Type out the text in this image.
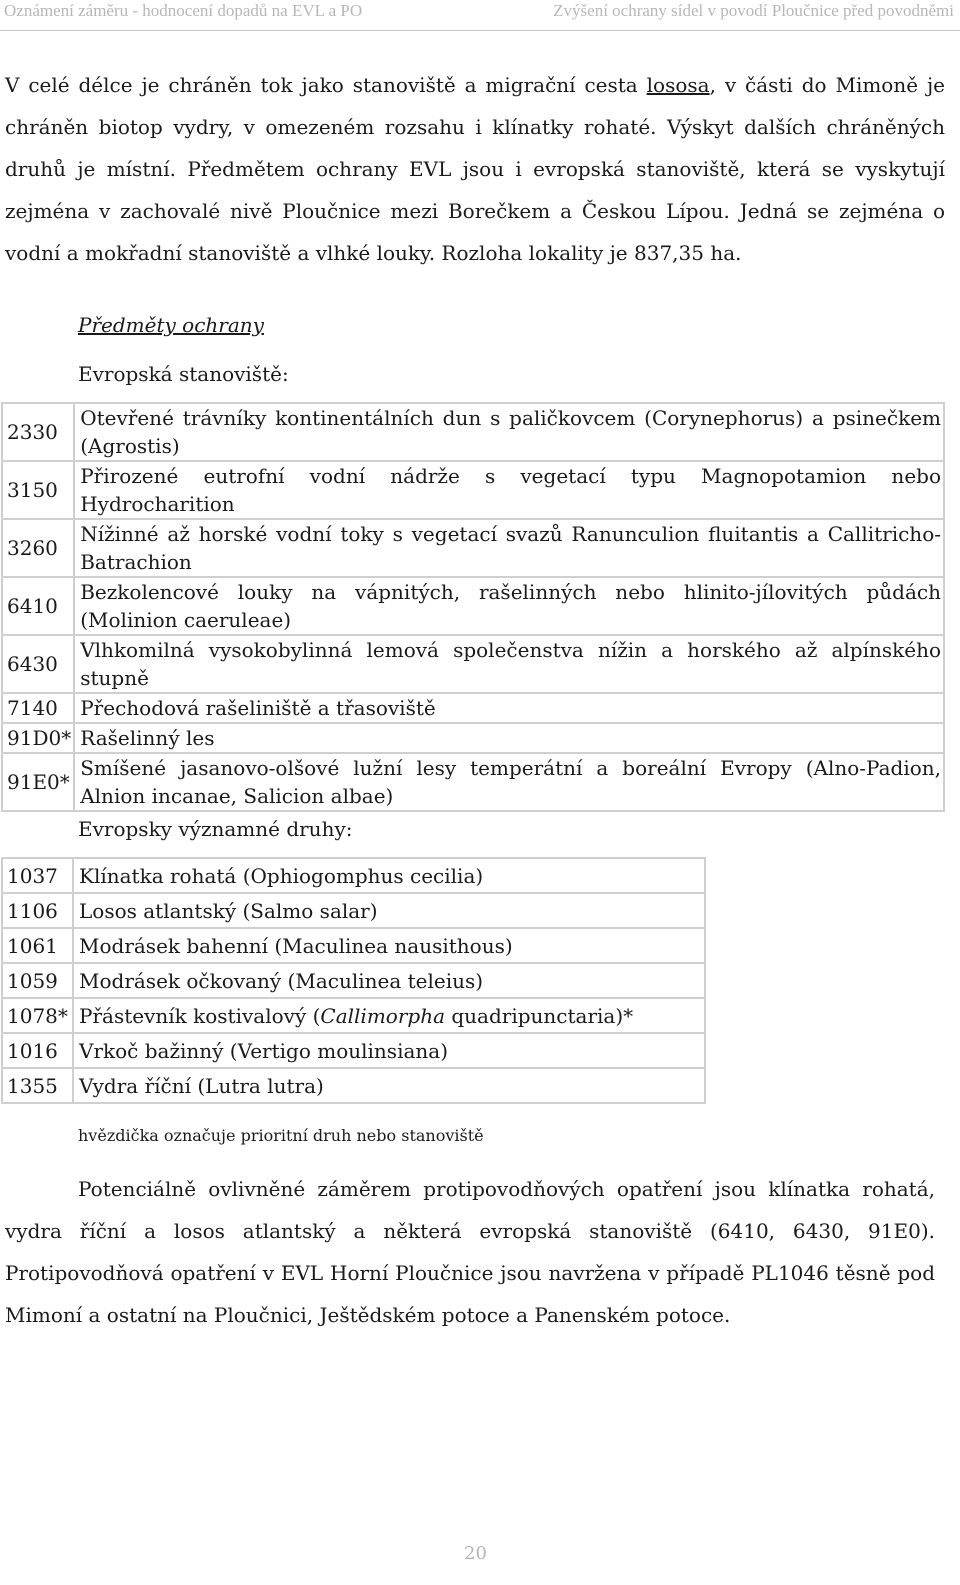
Oznámení záměru - hodnocení dopadů na EVL a PO	Zvýšení ochrany sídel v povodí Ploučnice před povodněmi

V celé délce je chráněn tok jako stanoviště a migrační cesta lososa, v části do Mimoně je chráněn biotop vydry, v omezeném rozsahu i klínatky rohaté. Výskyt dalších chráněných druhů je místní. Předmětem ochrany EVL jsou i evropská stanoviště, která se vyskytují zejména v zachovalé nivě Ploučnice mezi Borečkem a Českou Lípou. Jedná se zejména o vodní a mokřadní stanoviště a vlhké louky. Rozloha lokality je 837,35 ha.

Předměty ochrany
Evropská stanoviště:
2330	Otevřené trávníky kontinentálních dun s paličkovcem (Corynephorus) a psinečkem (Agrostis)
3150	Přirozené eutrofní vodní nádrže s vegetací typu Magnopotamion nebo Hydrocharition
3260	Nížinné až horské vodní toky s vegetací svazů Ranunculion fluitantis a Callitricho-Batrachion
6410	Bezkolencové louky na vápnitých, rašelinných nebo hlinito-jílovitých půdách (Molinion caeruleae)
6430	Vlhkomilná vysokobylinná lemová společenstva nížin a horského až alpínského stupně
7140	Přechodová rašeliniště a třasoviště
91D0*	Rašelinný les
91E0*	Smíšené jasanovo-olšové lužní lesy temperátní a boreální Evropy (Alno-Padion, Alnion incanae, Salicion albae)
Evropsky významné druhy:
1037	Klínatka rohatá (Ophiogomphus cecilia)
1106	Losos atlantský (Salmo salar)
1061	Modrásek bahenní (Maculinea nausithous)
1059	Modrásek očkovaný (Maculinea teleius)
1078*	Přástevník kostivalový (Callimorpha quadripunctaria)*
1016	Vrkoč bažinný (Vertigo moulinsiana)
1355	Vydra říční (Lutra lutra)
hvězdička označuje prioritní druh nebo stanoviště

Potenciálně ovlivněné záměrem protipovodňových opatření jsou klínatka rohatá, vydra říční a losos atlantský a některá evropská stanoviště (6410, 6430, 91E0). Protipovodňová opatření v EVL Horní Ploučnice jsou navržena v případě PL1046 těsně pod Mimoní a ostatní na Ploučnici, Ještědském potoce a Panenském potoce.

20
